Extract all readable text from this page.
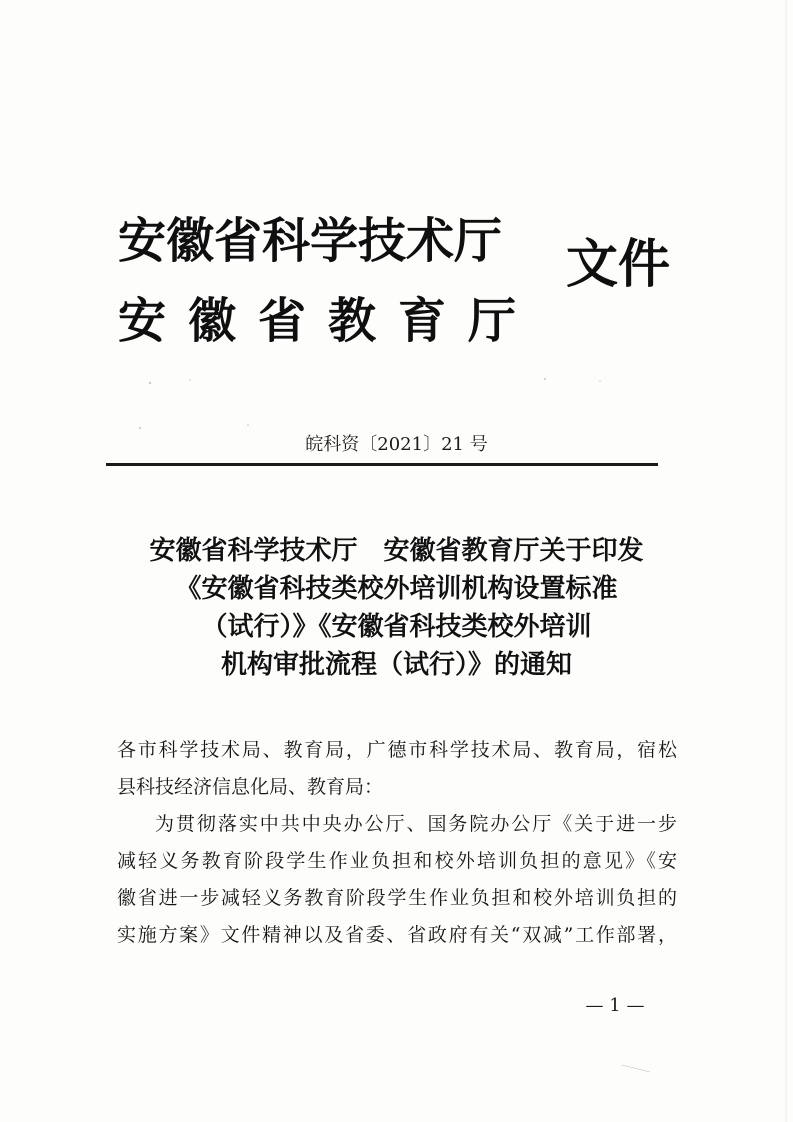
安徽省科学技术厅
安徽省教育厅
文件
皖科资〔2021〕21 号
安徽省科学技术厅　安徽省教育厅关于印发
《安徽省科技类校外培训机构设置标准
（试行）》《安徽省科技类校外培训
机构审批流程（试行）》的通知
各市科学技术局、教育局，广德市科学技术局、教育局，宿松
县科技经济信息化局、教育局：
为贯彻落实中共中央办公厅、国务院办公厅《关于进一步
减轻义务教育阶段学生作业负担和校外培训负担的意见》《安
徽省进一步减轻义务教育阶段学生作业负担和校外培训负担的
实施方案》文件精神以及省委、省政府有关“双减”工作部署，
— 1 —
